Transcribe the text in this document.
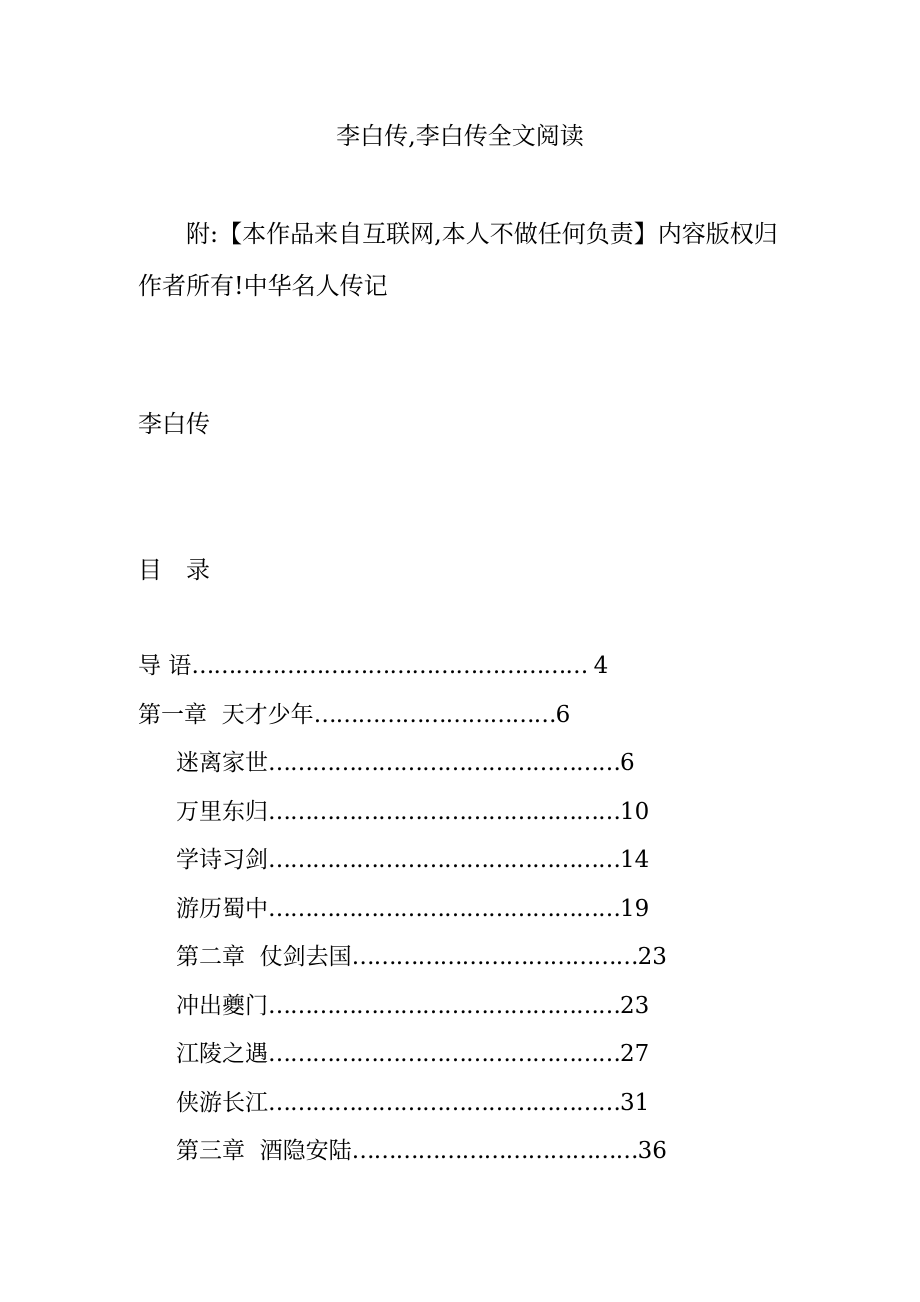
李白传,李白传全文阅读

附:【本作品来自互联网,本人不做任何负责】内容版权归作者所有!中华名人传记

李白传

目　录

导 语 ……………………………………………… 4
第一章  天才少年 …………………………… 6
迷离家世 ………………………………………… 6
万里东归 ………………………………………… 10
学诗习剑 ………………………………………… 14
游历蜀中 ………………………………………… 19
第二章  仗剑去国 ………………………………… 23
冲出夔门 ………………………………………… 23
江陵之遇 ………………………………………… 27
侠游长江 ………………………………………… 31
第三章  酒隐安陆 ………………………………… 36
